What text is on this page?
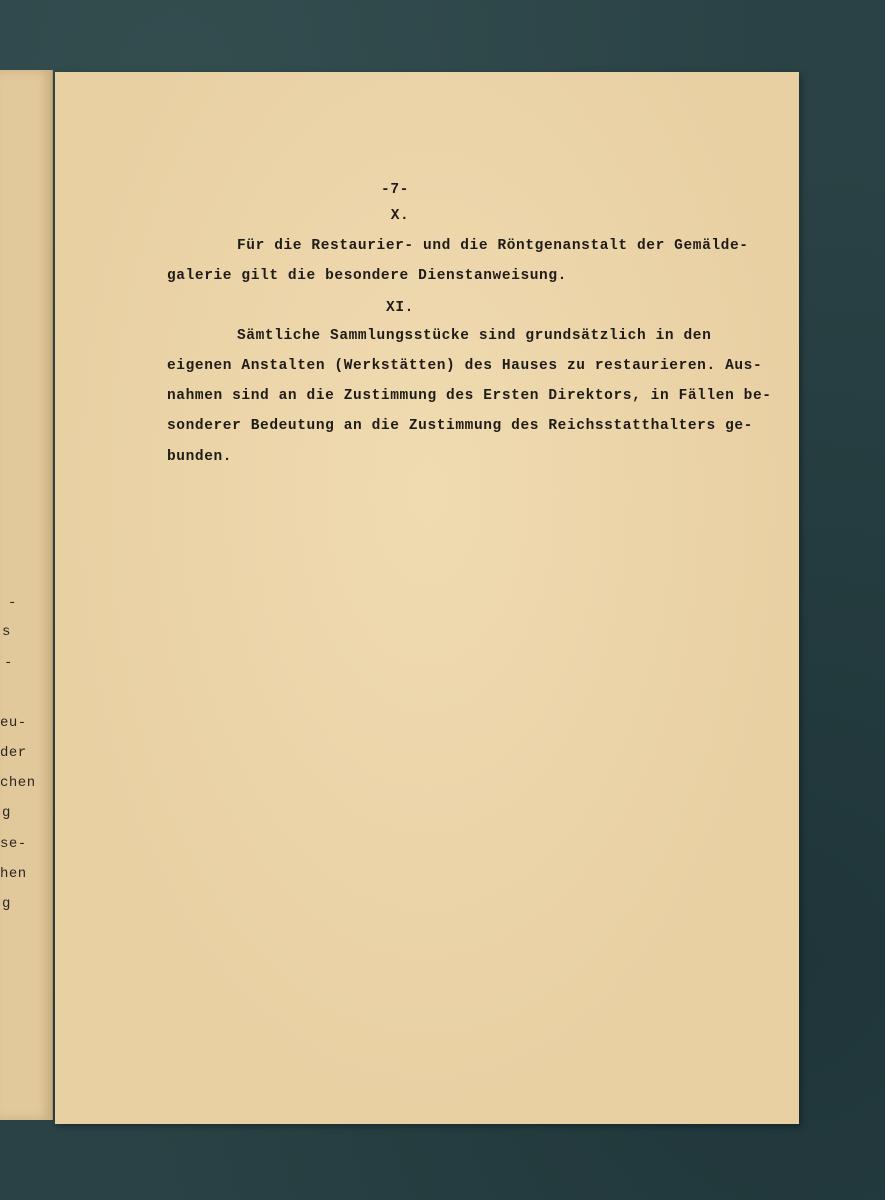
-
s
-
eu-
der
chen
g
se-
hen
g
-7-
X.
Für die Restaurier- und die Röntgenanstalt der Gemälde-
galerie gilt die besondere Dienstanweisung.
XI.
Sämtliche Sammlungsstücke sind grundsätzlich in den
eigenen Anstalten (Werkstätten) des Hauses zu restaurieren. Aus-
nahmen sind an die Zustimmung des Ersten Direktors, in Fällen be-
sonderer Bedeutung an die Zustimmung des Reichsstatthalters ge-
bunden.
